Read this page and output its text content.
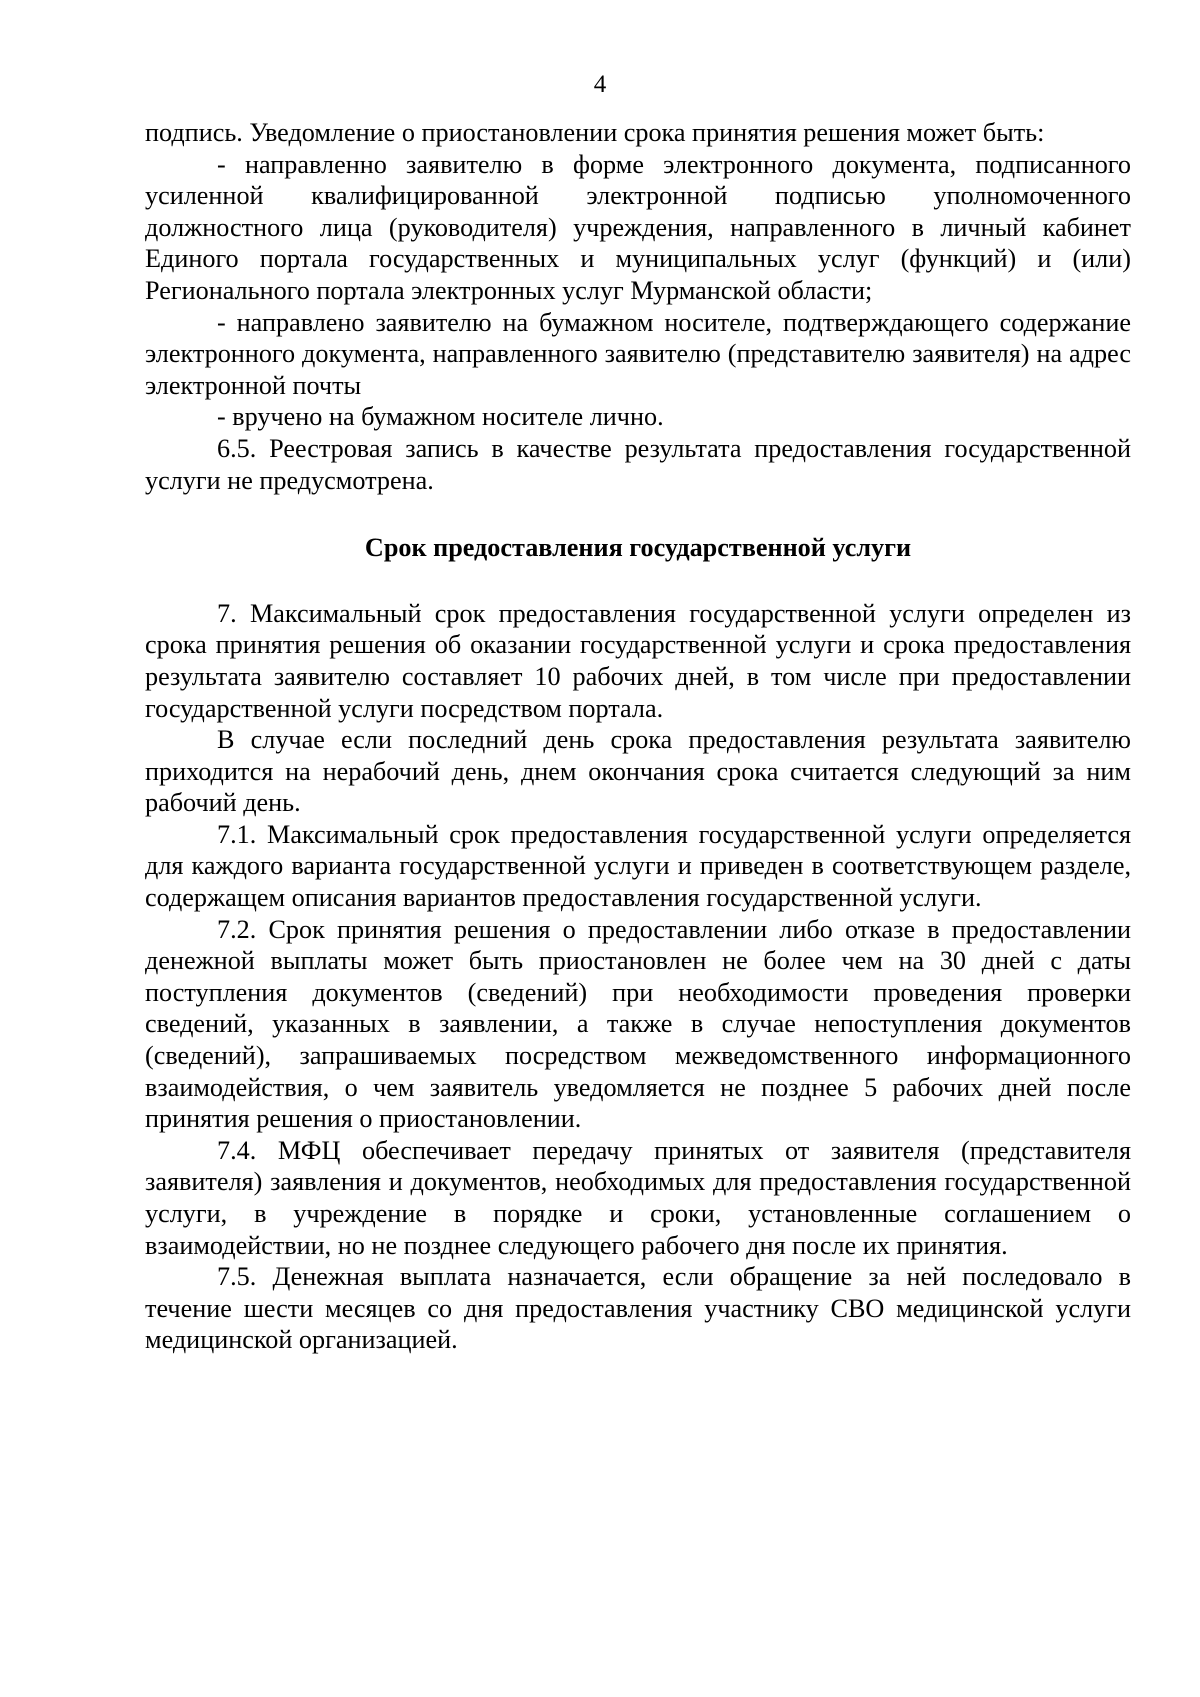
4

подпись. Уведомление о приостановлении срока принятия решения может быть:

- направленно заявителю в форме электронного документа, подписанного усиленной квалифицированной электронной подписью уполномоченного должностного лица (руководителя) учреждения, направленного в личный кабинет Единого портала государственных и муниципальных услуг (функций) и (или) Регионального портала электронных услуг Мурманской области;

- направлено заявителю на бумажном носителе, подтверждающего содержание электронного документа, направленного заявителю (представителю заявителя) на адрес электронной почты

- вручено на бумажном носителе лично.

6.5. Реестровая запись в качестве результата предоставления государственной услуги не предусмотрена.

Срок предоставления государственной услуги

7. Максимальный срок предоставления государственной услуги определен из срока принятия решения об оказании государственной услуги и срока предоставления результата заявителю составляет 10 рабочих дней, в том числе при предоставлении государственной услуги посредством портала.

В случае если последний день срока предоставления результата заявителю приходится на нерабочий день, днем окончания срока считается следующий за ним рабочий день.

7.1. Максимальный срок предоставления государственной услуги определяется для каждого варианта государственной услуги и приведен в соответствующем разделе, содержащем описания вариантов предоставления государственной услуги.

7.2. Срок принятия решения о предоставлении либо отказе в предоставлении денежной выплаты может быть приостановлен не более чем на 30 дней с даты поступления документов (сведений) при необходимости проведения проверки сведений, указанных в заявлении, а также в случае непоступления документов (сведений), запрашиваемых посредством межведомственного информационного взаимодействия, о чем заявитель уведомляется не позднее 5 рабочих дней после принятия решения о приостановлении.

7.4. МФЦ обеспечивает передачу принятых от заявителя (представителя заявителя) заявления и документов, необходимых для предоставления государственной услуги, в учреждение в порядке и сроки, установленные соглашением о взаимодействии, но не позднее следующего рабочего дня после их принятия.

7.5. Денежная выплата назначается, если обращение за ней последовало в течение шести месяцев со дня предоставления участнику СВО медицинской услуги медицинской организацией.
